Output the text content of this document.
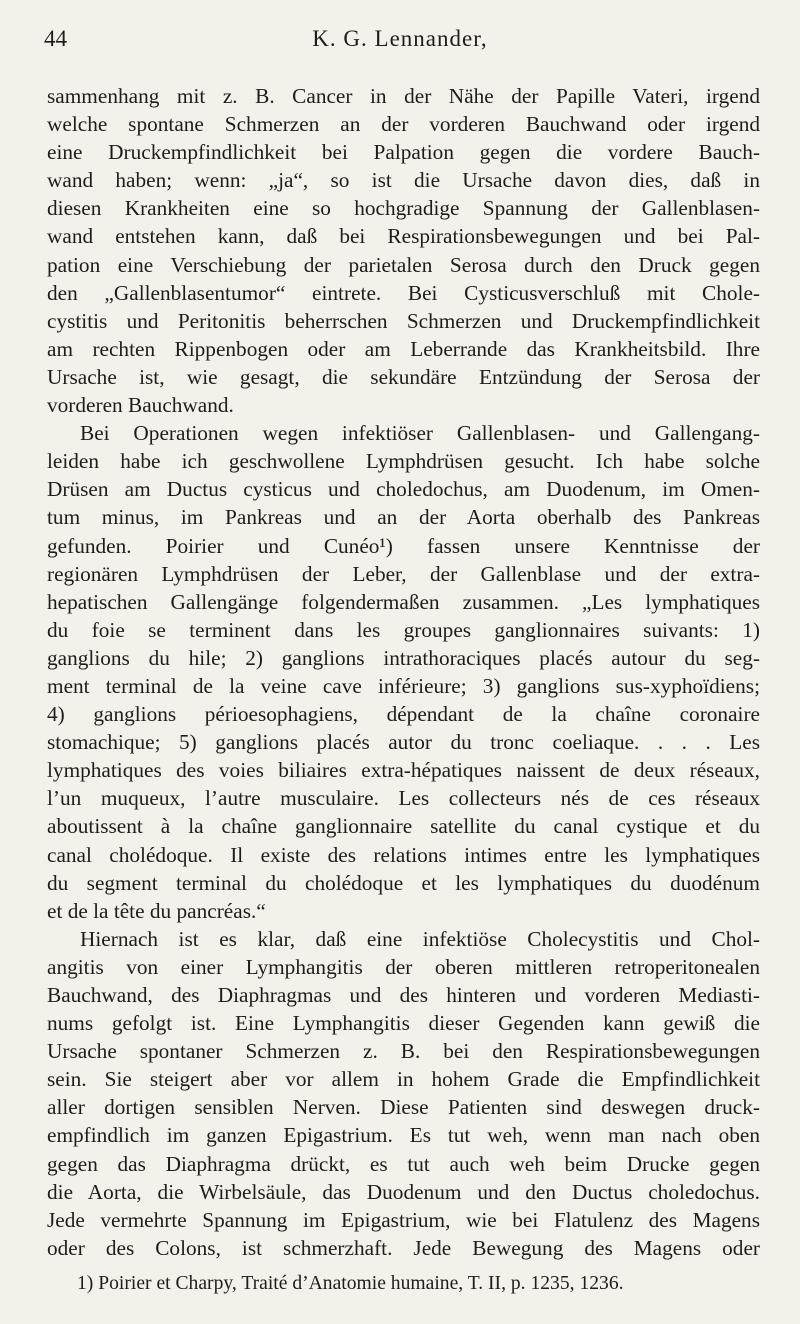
44	K. G. Lennander,
sammenhang mit z. B. Cancer in der Nähe der Papille Vateri, irgend
welche spontane Schmerzen an der vorderen Bauchwand oder irgend
eine Druckempfindlichkeit bei Palpation gegen die vordere Bauch-
wand haben; wenn: „ja“, so ist die Ursache davon dies, daß in
diesen Krankheiten eine so hochgradige Spannung der Gallenblasen-
wand entstehen kann, daß bei Respirationsbewegungen und bei Pal-
pation eine Verschiebung der parietalen Serosa durch den Druck gegen
den „Gallenblasentumor“ eintrete. Bei Cysticusverschluß mit Chole-
cystitis und Peritonitis beherrschen Schmerzen und Druckempfindlichkeit
am rechten Rippenbogen oder am Leberrande das Krankheitsbild. Ihre
Ursache ist, wie gesagt, die sekundäre Entzündung der Serosa der
vorderen Bauchwand.
Bei Operationen wegen infektiöser Gallenblasen- und Gallengang-
leiden habe ich geschwollene Lymphdrüsen gesucht. Ich habe solche
Drüsen am Ductus cysticus und choledochus, am Duodenum, im Omen-
tum minus, im Pankreas und an der Aorta oberhalb des Pankreas
gefunden. Poirier und Cunéo¹) fassen unsere Kenntnisse der
regionären Lymphdrüsen der Leber, der Gallenblase und der extra-
hepatischen Gallengänge folgendermaßen zusammen. „Les lymphatiques
du foie se terminent dans les groupes ganglionnaires suivants: 1)
ganglions du hile; 2) ganglions intrathoraciques placés autour du seg-
ment terminal de la veine cave inférieure; 3) ganglions sus-xyphoïdiens;
4) ganglions périoesophagiens, dépendant de la chaîne coronaire
stomachique; 5) ganglions placés autor du tronc coeliaque. . . . Les
lymphatiques des voies biliaires extra-hépatiques naissent de deux réseaux,
l’un muqueux, l’autre musculaire. Les collecteurs nés de ces réseaux
aboutissent à la chaîne ganglionnaire satellite du canal cystique et du
canal cholédoque. Il existe des relations intimes entre les lymphatiques
du segment terminal du cholédoque et les lymphatiques du duodénum
et de la tête du pancréas.“
Hiernach ist es klar, daß eine infektiöse Cholecystitis und Chol-
angitis von einer Lymphangitis der oberen mittleren retroperitonealen
Bauchwand, des Diaphragmas und des hinteren und vorderen Mediasti-
nums gefolgt ist. Eine Lymphangitis dieser Gegenden kann gewiß die
Ursache spontaner Schmerzen z. B. bei den Respirationsbewegungen
sein. Sie steigert aber vor allem in hohem Grade die Empfindlichkeit
aller dortigen sensiblen Nerven. Diese Patienten sind deswegen druck-
empfindlich im ganzen Epigastrium. Es tut weh, wenn man nach oben
gegen das Diaphragma drückt, es tut auch weh beim Drucke gegen
die Aorta, die Wirbelsäule, das Duodenum und den Ductus choledochus.
Jede vermehrte Spannung im Epigastrium, wie bei Flatulenz des Magens
oder des Colons, ist schmerzhaft. Jede Bewegung des Magens oder
1) Poirier et Charpy, Traité d’Anatomie humaine, T. II, p. 1235, 1236.
